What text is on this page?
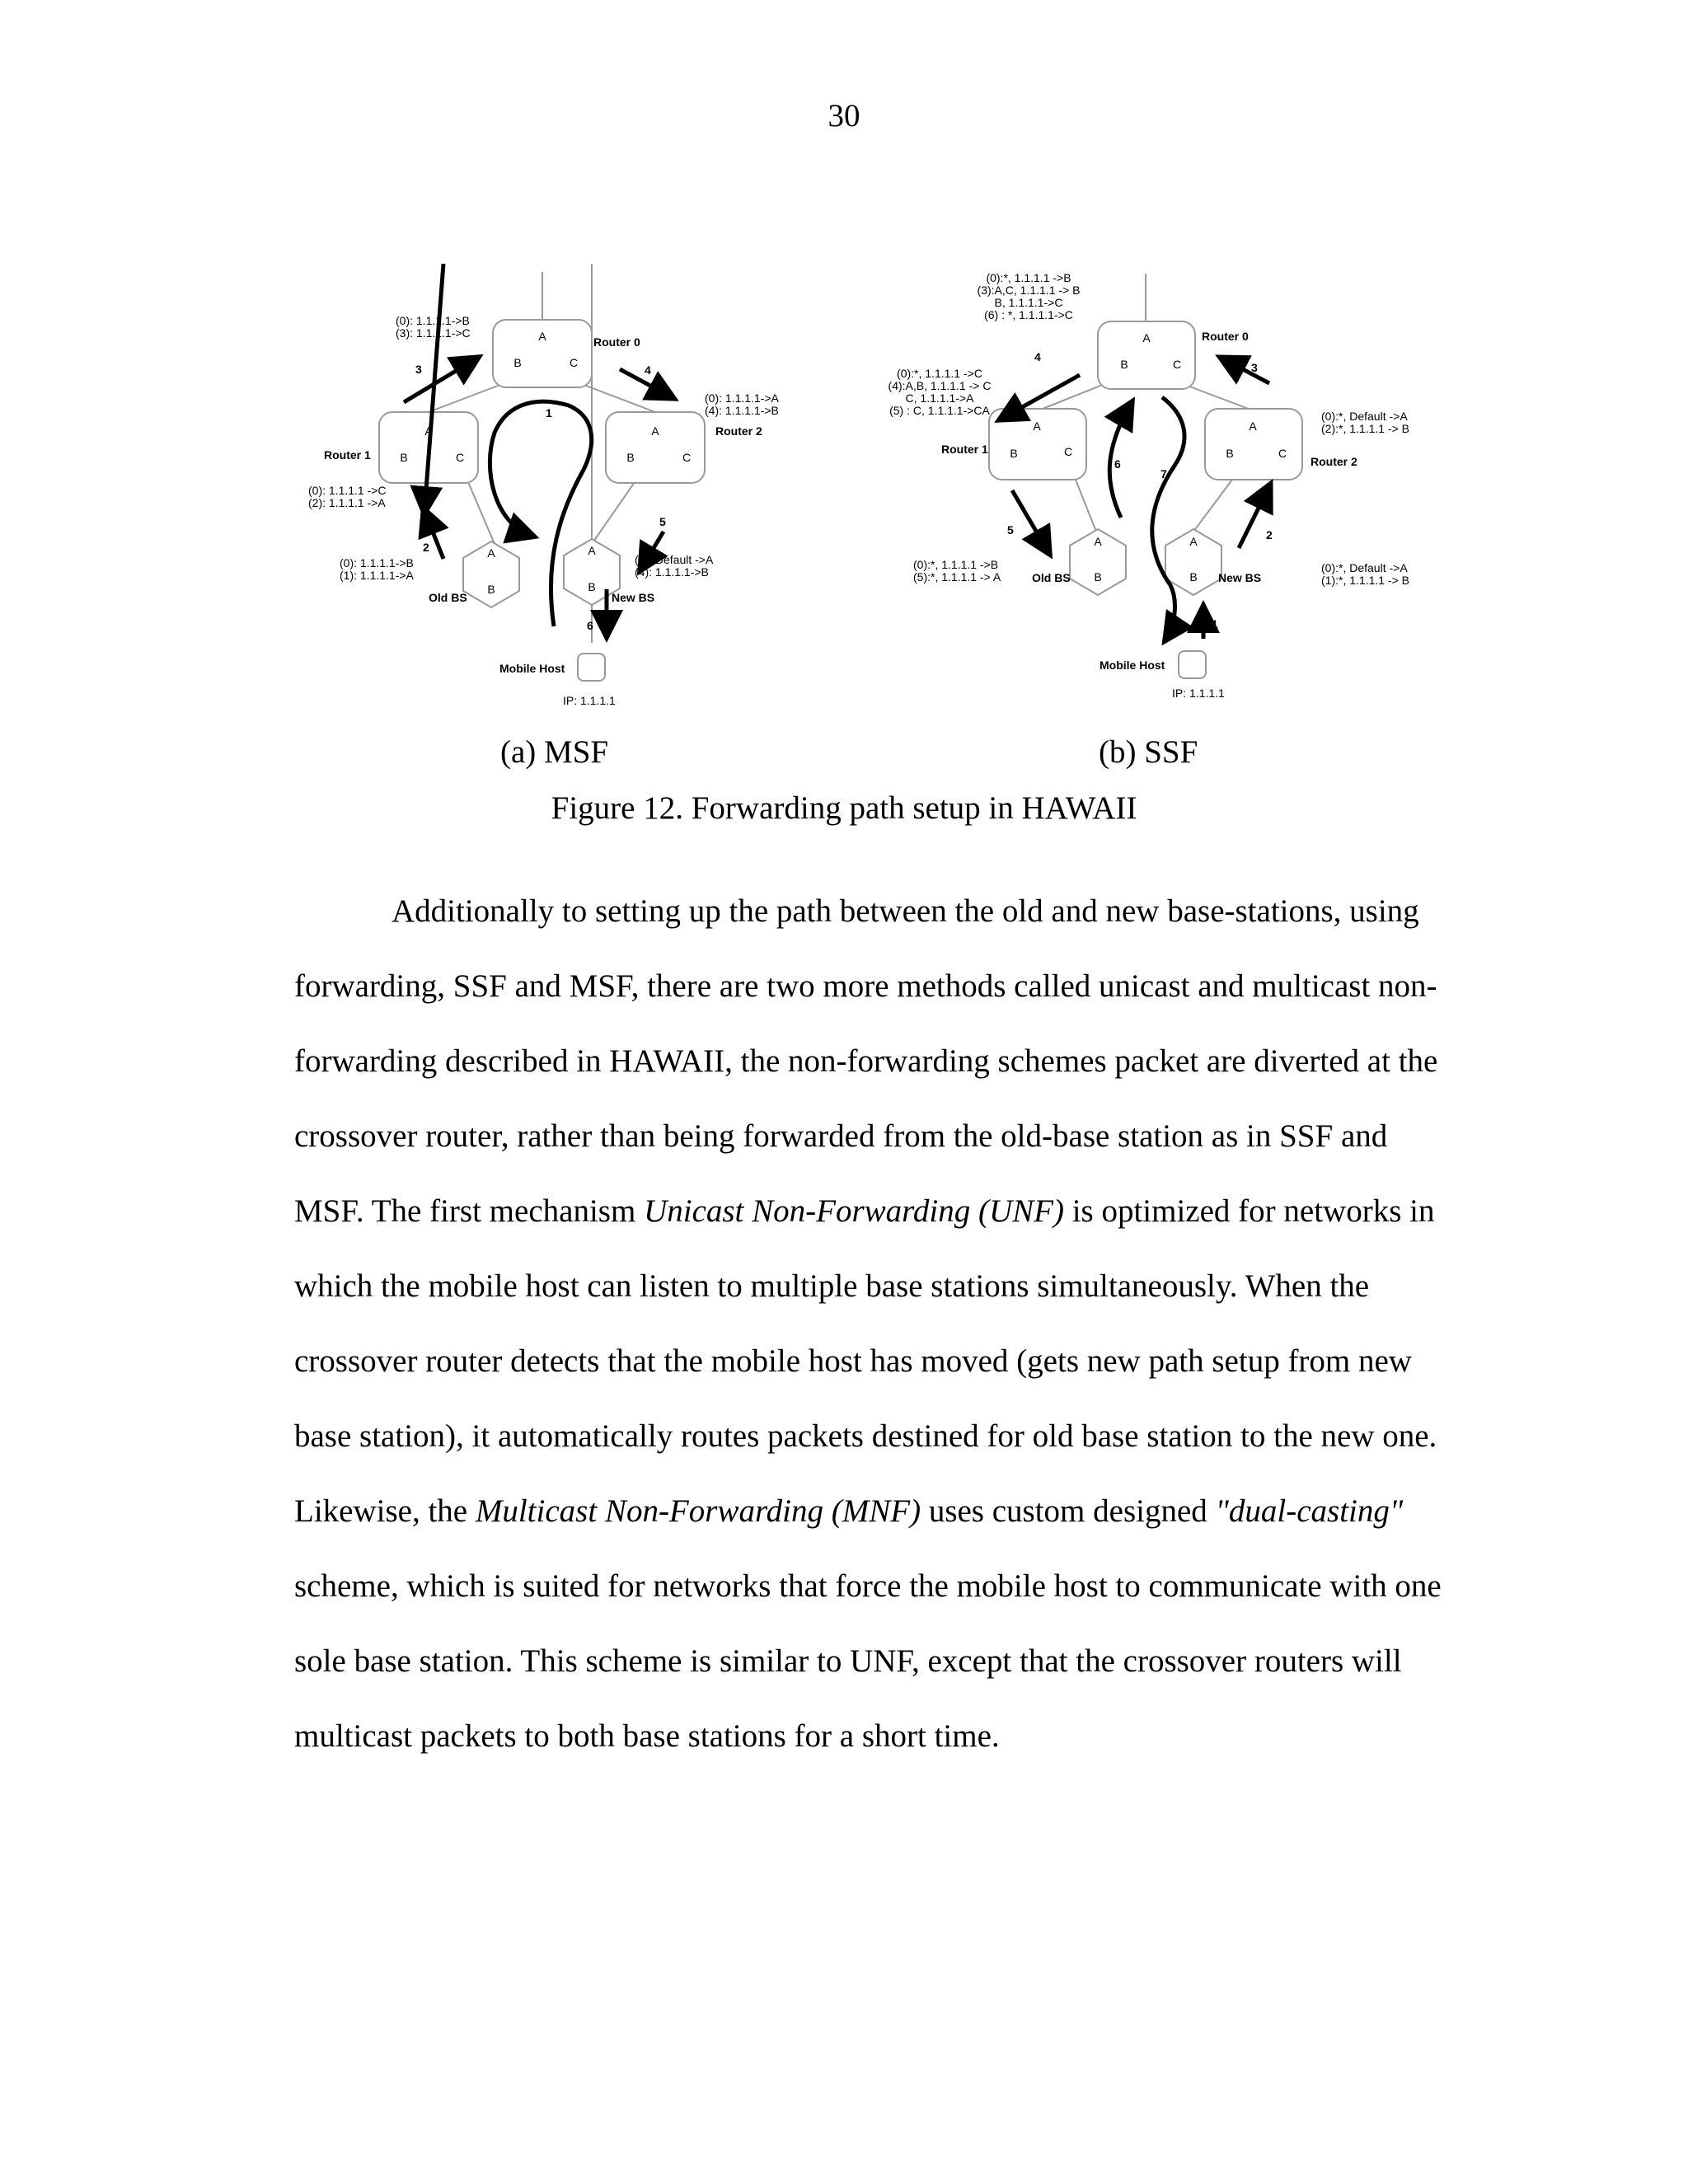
30
A
B	C
Router 0
A
B	C
Router 1
A
B	C
Router 2
A
B
Old BS
A
B
New BS
Mobile Host
IP: 1.1.1.1
(0): 1.1.1.1->B
(3): 1.1.1.1->C
(0): 1.1.1.1->A
(4): 1.1.1.1->B
(0): 1.1.1.1 ->C
(2): 1.1.1.1 ->A
(0): 1.1.1.1->B
(1): 1.1.1.1->A
(0): Default ->A
(4): 1.1.1.1->B
1
2
3	4
5
6
A
B	C
Router 0
A
B	C
Router 1
A
B	C
Router 2
A
B
Old BS
A
B New BS
Mobile Host
IP: 1.1.1.1
(0):*, 1.1.1.1 ->B
(3):A,C, 1.1.1.1 -> B
B, 1.1.1.1->C
(6) : *, 1.1.1.1->C
(0):*, 1.1.1.1 ->C
(4):A,B, 1.1.1.1 -> C
C, 1.1.1.1->A
(5) : C, 1.1.1.1->CA	(0):*, Default ->A
(2):*, 1.1.1.1 -> B
(0):*, 1.1.1.1 ->B
(5):*, 1.1.1.1 -> A
(0):*, Default ->A
(1):*, 1.1.1.1 -> B
1
2
3
4
5
6
7
(a) MSF	(b) SSF
Figure 12. Forwarding path setup in HAWAII
Additionally to setting up the path between the old and new base-stations, using
forwarding, SSF and MSF, there are two more methods called unicast and multicast non-
forwarding described in HAWAII, the non-forwarding schemes packet are diverted at the
crossover router, rather than being forwarded from the old-base station as in SSF and
MSF. The first mechanism Unicast Non-Forwarding (UNF) is optimized for networks in
which the mobile host can listen to multiple base stations simultaneously. When the
crossover router detects that the mobile host has moved (gets new path setup from new
base station), it automatically routes packets destined for old base station to the new one.
Likewise, the Multicast Non-Forwarding (MNF) uses custom designed "dual-casting"
scheme, which is suited for networks that force the mobile host to communicate with one
sole base station. This scheme is similar to UNF, except that the crossover routers will
multicast packets to both base stations for a short time.
